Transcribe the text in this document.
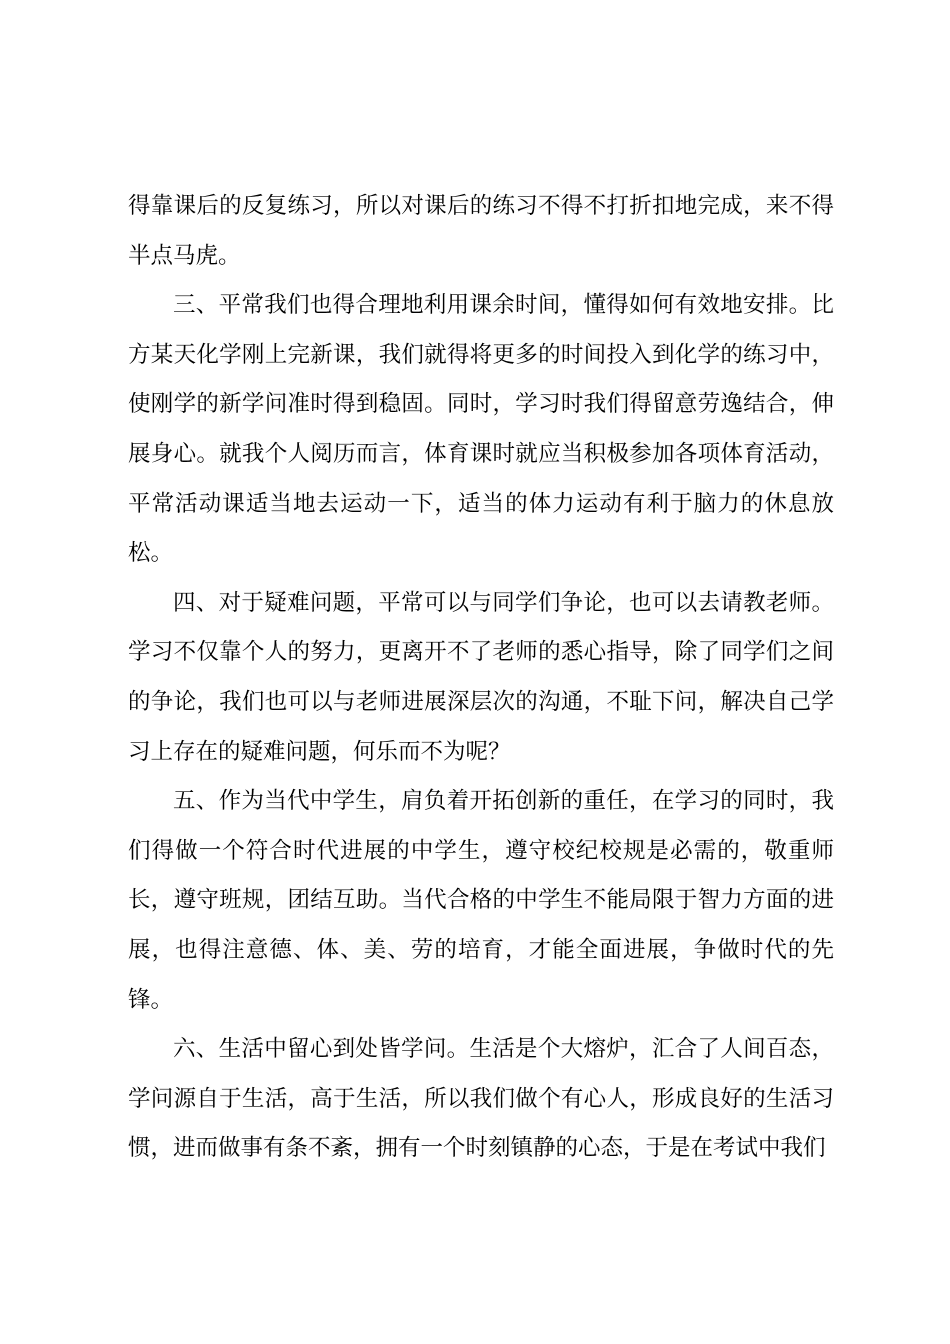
得靠课后的反复练习，所以对课后的练习不得不打折扣地完成，来不得半点马虎。

三、平常我们也得合理地利用课余时间，懂得如何有效地安排。比方某天化学刚上完新课，我们就得将更多的时间投入到化学的练习中，使刚学的新学问准时得到稳固。同时，学习时我们得留意劳逸结合，伸展身心。就我个人阅历而言，体育课时就应当积极参加各项体育活动，平常活动课适当地去运动一下，适当的体力运动有利于脑力的休息放松。

四、对于疑难问题，平常可以与同学们争论，也可以去请教老师。学习不仅靠个人的努力，更离开不了老师的悉心指导，除了同学们之间的争论，我们也可以与老师进展深层次的沟通，不耻下问，解决自己学习上存在的疑难问题，何乐而不为呢？

五、作为当代中学生，肩负着开拓创新的重任，在学习的同时，我们得做一个符合时代进展的中学生，遵守校纪校规是必需的，敬重师长，遵守班规，团结互助。当代合格的中学生不能局限于智力方面的进展，也得注意德、体、美、劳的培育，才能全面进展，争做时代的先锋。

六、生活中留心到处皆学问。生活是个大熔炉，汇合了人间百态，学问源自于生活，高于生活，所以我们做个有心人，形成良好的生活习惯，进而做事有条不紊，拥有一个时刻镇静的心态，于是在考试中我们
